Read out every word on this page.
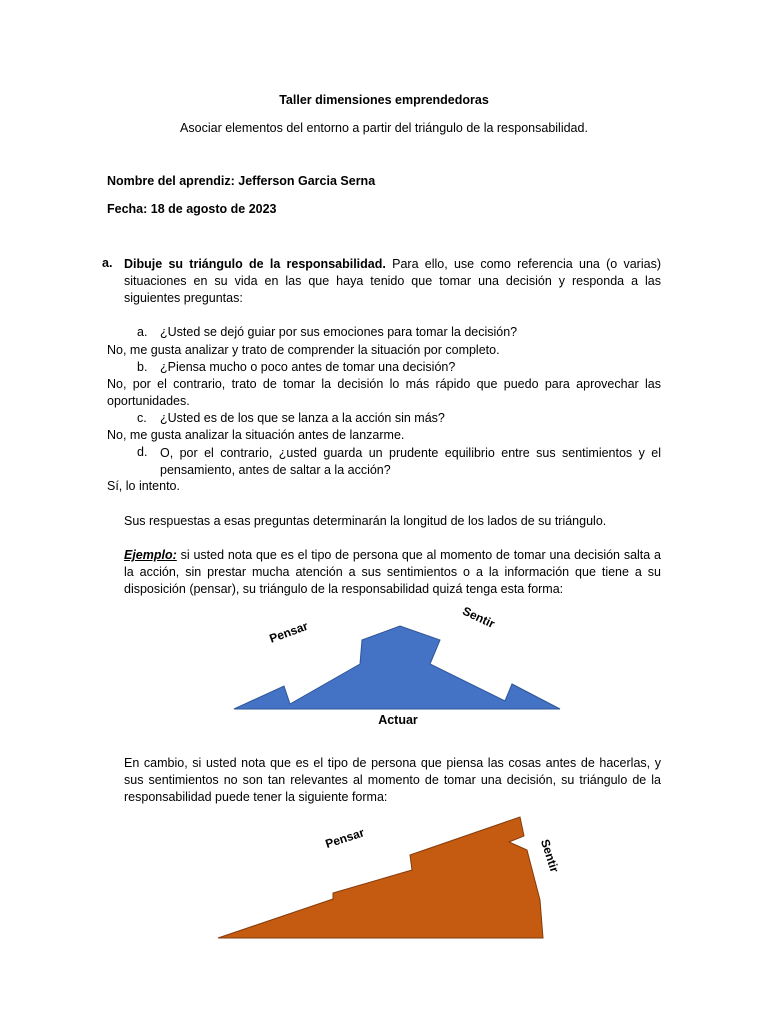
Taller dimensiones emprendedoras
Asociar elementos del entorno a partir del triángulo de la responsabilidad.
Nombre del aprendiz: Jefferson Garcia Serna
Fecha: 18 de agosto de 2023
a. Dibuje su triángulo de la responsabilidad. Para ello, use como referencia una (o varias) situaciones en su vida en las que haya tenido que tomar una decisión y responda a las siguientes preguntas:
a. ¿Usted se dejó guiar por sus emociones para tomar la decisión?
No, me gusta analizar y trato de comprender la situación por completo.
b. ¿Piensa mucho o poco antes de tomar una decisión?
No, por el contrario, trato de tomar la decisión lo más rápido que puedo para aprovechar las oportunidades.
c. ¿Usted es de los que se lanza a la acción sin más?
No, me gusta analizar la situación antes de lanzarme.
d. O, por el contrario, ¿usted guarda un prudente equilibrio entre sus sentimientos y el pensamiento, antes de saltar a la acción?
Sí, lo intento.
Sus respuestas a esas preguntas determinarán la longitud de los lados de su triángulo.
Ejemplo: si usted nota que es el tipo de persona que al momento de tomar una decisión salta a la acción, sin prestar mucha atención a sus sentimientos o a la información que tiene a su disposición (pensar), su triángulo de la responsabilidad quizá tenga esta forma:
Pensar
Sentir
Actuar
En cambio, si usted nota que es el tipo de persona que piensa las cosas antes de hacerlas, y sus sentimientos no son tan relevantes al momento de tomar una decisión, su triángulo de la responsabilidad puede tener la siguiente forma:
Pensar	Sentir
